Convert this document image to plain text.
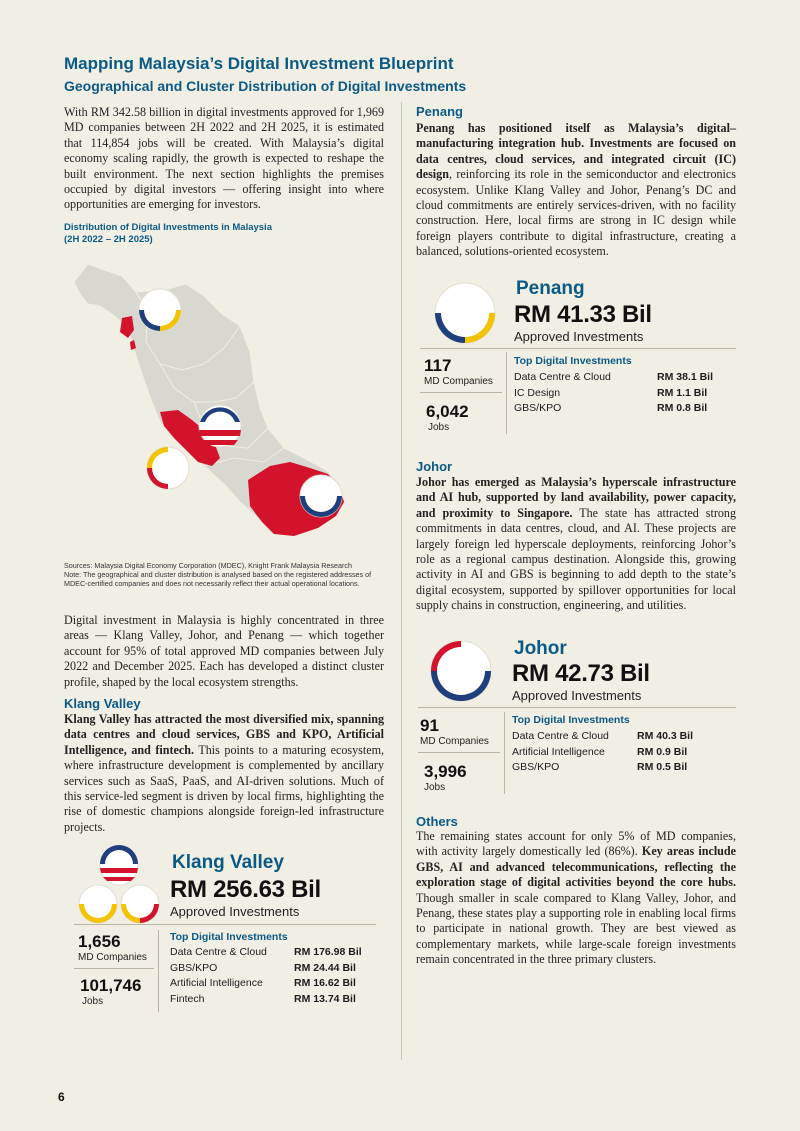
Mapping Malaysia’s Digital Investment Blueprint
Geographical and Cluster Distribution of Digital Investments

With RM 342.58 billion in digital investments approved for 1,969 MD companies between 2H 2022 and 2H 2025, it is estimated that 114,854 jobs will be created. With Malaysia’s digital economy scaling rapidly, the growth is expected to reshape the built environment. The next section highlights the premises occupied by digital investors — offering insight into where opportunities are emerging for investors.

Distribution of Digital Investments in Malaysia
(2H 2022 – 2H 2025)
Sources: Malaysia Digital Economy Corporation (MDEC), Knight Frank Malaysia Research
Note: The geographical and cluster distribution is analysed based on the registered addresses of MDEC-certified companies and does not necessarily reflect their actual operational locations.

Digital investment in Malaysia is highly concentrated in three areas — Klang Valley, Johor, and Penang — which together account for 95% of total approved MD companies between July 2022 and December 2025. Each has developed a distinct cluster profile, shaped by the local ecosystem strengths.

Klang Valley

Klang Valley has attracted the most diversified mix, spanning data centres and cloud services, GBS and KPO, Artificial Intelligence, and fintech. This points to a maturing ecosystem, where infrastructure development is complemented by ancillary services such as SaaS, PaaS, and AI-driven solutions. Much of this service-led segment is driven by local firms, highlighting the rise of domestic champions alongside foreign-led infrastructure projects.

Klang Valley
RM 256.63 Bil
Approved Investments
1,656
MD Companies
101,746
Jobs
Top Digital Investments
Data Centre & Cloud	RM 176.98 Bil
GBS/KPO	RM 24.44 Bil
Artificial Intelligence	RM 16.62 Bil
Fintech	RM 13.74 Bil
Penang

Penang has positioned itself as Malaysia’s digital–manufacturing integration hub. Investments are focused on data centres, cloud services, and integrated circuit (IC) design, reinforcing its role in the semiconductor and electronics ecosystem. Unlike Klang Valley and Johor, Penang’s DC and cloud commitments are entirely services-driven, with no facility construction. Here, local firms are strong in IC design while foreign players contribute to digital infrastructure, creating a balanced, solutions-oriented ecosystem.

Penang
RM 41.33 Bil
Approved Investments
117
MD Companies
6,042
Jobs
Top Digital Investments
Data Centre & Cloud	RM 38.1 Bil
IC Design	RM 1.1 Bil
GBS/KPO	RM 0.8 Bil
Johor

Johor has emerged as Malaysia’s hyperscale infrastructure and AI hub, supported by land availability, power capacity, and proximity to Singapore. The state has attracted strong commitments in data centres, cloud, and AI. These projects are largely foreign led hyperscale deployments, reinforcing Johor’s role as a regional campus destination. Alongside this, growing activity in AI and GBS is beginning to add depth to the state’s digital ecosystem, supported by spillover opportunities for local supply chains in construction, engineering, and utilities.

Johor
RM 42.73 Bil
Approved Investments
91
MD Companies
3,996
Jobs
Top Digital Investments
Data Centre & Cloud	RM 40.3 Bil
Artificial Intelligence	RM 0.9 Bil
GBS/KPO	RM 0.5 Bil
Others

The remaining states account for only 5% of MD companies, with activity largely domestically led (86%). Key areas include GBS, AI and advanced telecommunications, reflecting the exploration stage of digital activities beyond the core hubs. Though smaller in scale compared to Klang Valley, Johor, and Penang, these states play a supporting role in enabling local firms to participate in national growth. They are best viewed as complementary markets, while large-scale foreign investments remain concentrated in the three primary clusters.

6
